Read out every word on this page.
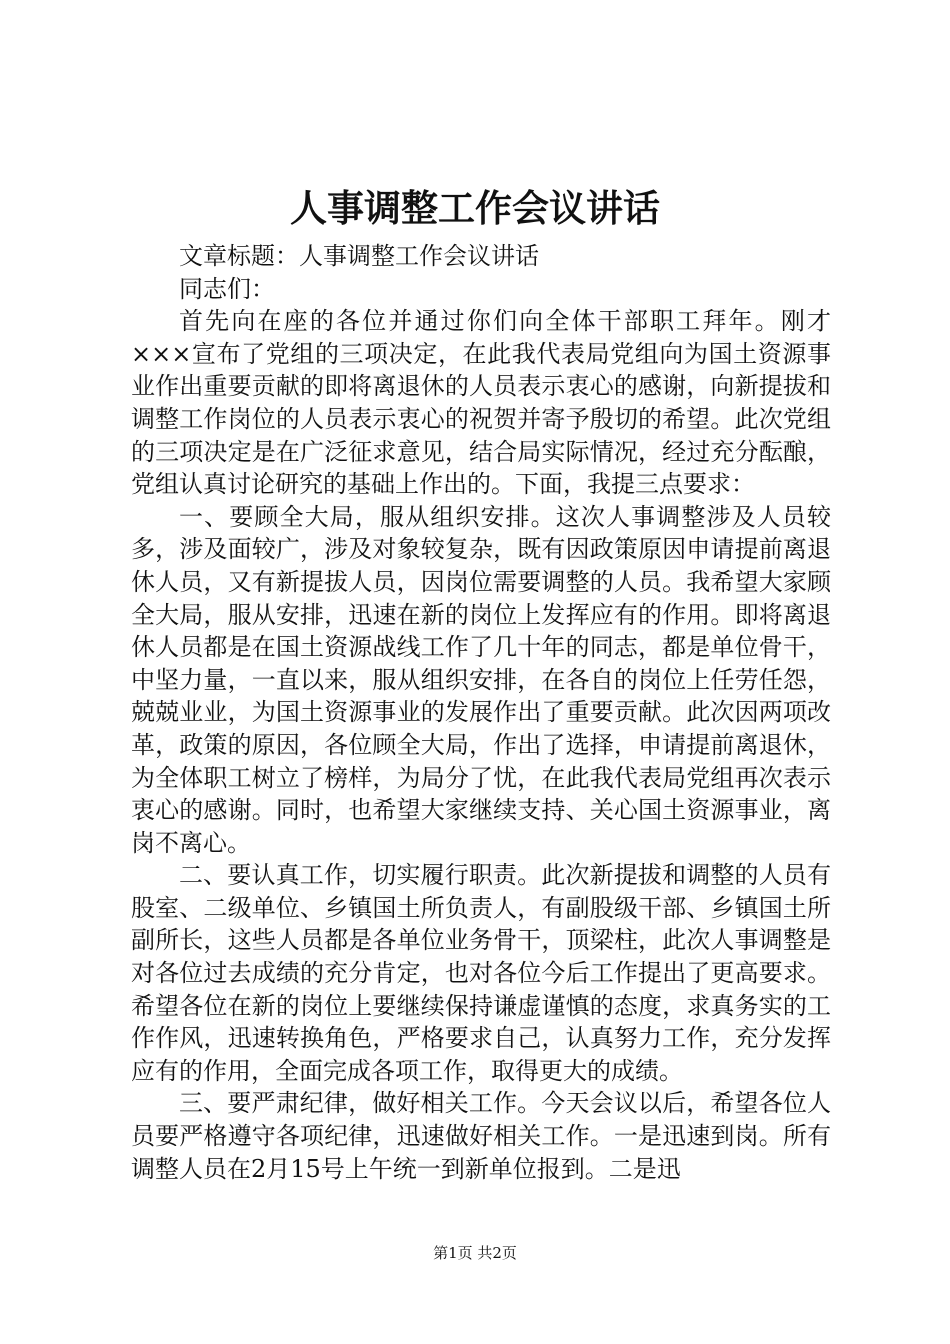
人事调整工作会议讲话

文章标题：人事调整工作会议讲话

同志们：

首先向在座的各位并通过你们向全体干部职工拜年。刚才×××宣布了党组的三项决定，在此我代表局党组向为国土资源事业作出重要贡献的即将离退休的人员表示衷心的感谢，向新提拔和调整工作岗位的人员表示衷心的祝贺并寄予殷切的希望。此次党组的三项决定是在广泛征求意见，结合局实际情况，经过充分酝酿，党组认真讨论研究的基础上作出的。下面，我提三点要求：

一、要顾全大局，服从组织安排。这次人事调整涉及人员较多，涉及面较广，涉及对象较复杂，既有因政策原因申请提前离退休人员，又有新提拔人员，因岗位需要调整的人员。我希望大家顾全大局，服从安排，迅速在新的岗位上发挥应有的作用。即将离退休人员都是在国土资源战线工作了几十年的同志，都是单位骨干，中坚力量，一直以来，服从组织安排，在各自的岗位上任劳任怨，兢兢业业，为国土资源事业的发展作出了重要贡献。此次因两项改革，政策的原因，各位顾全大局，作出了选择，申请提前离退休，为全体职工树立了榜样，为局分了忧，在此我代表局党组再次表示衷心的感谢。同时，也希望大家继续支持、关心国土资源事业，离岗不离心。

二、要认真工作，切实履行职责。此次新提拔和调整的人员有股室、二级单位、乡镇国土所负责人，有副股级干部、乡镇国土所副所长，这些人员都是各单位业务骨干，顶梁柱，此次人事调整是对各位过去成绩的充分肯定，也对各位今后工作提出了更高要求。希望各位在新的岗位上要继续保持谦虚谨慎的态度，求真务实的工作作风，迅速转换角色，严格要求自己，认真努力工作，充分发挥应有的作用，全面完成各项工作，取得更大的成绩。

三、要严肃纪律，做好相关工作。今天会议以后，希望各位人员要严格遵守各项纪律，迅速做好相关工作。一是迅速到岗。所有调整人员在2月15号上午统一到新单位报到。二是迅

第1页 共2页
